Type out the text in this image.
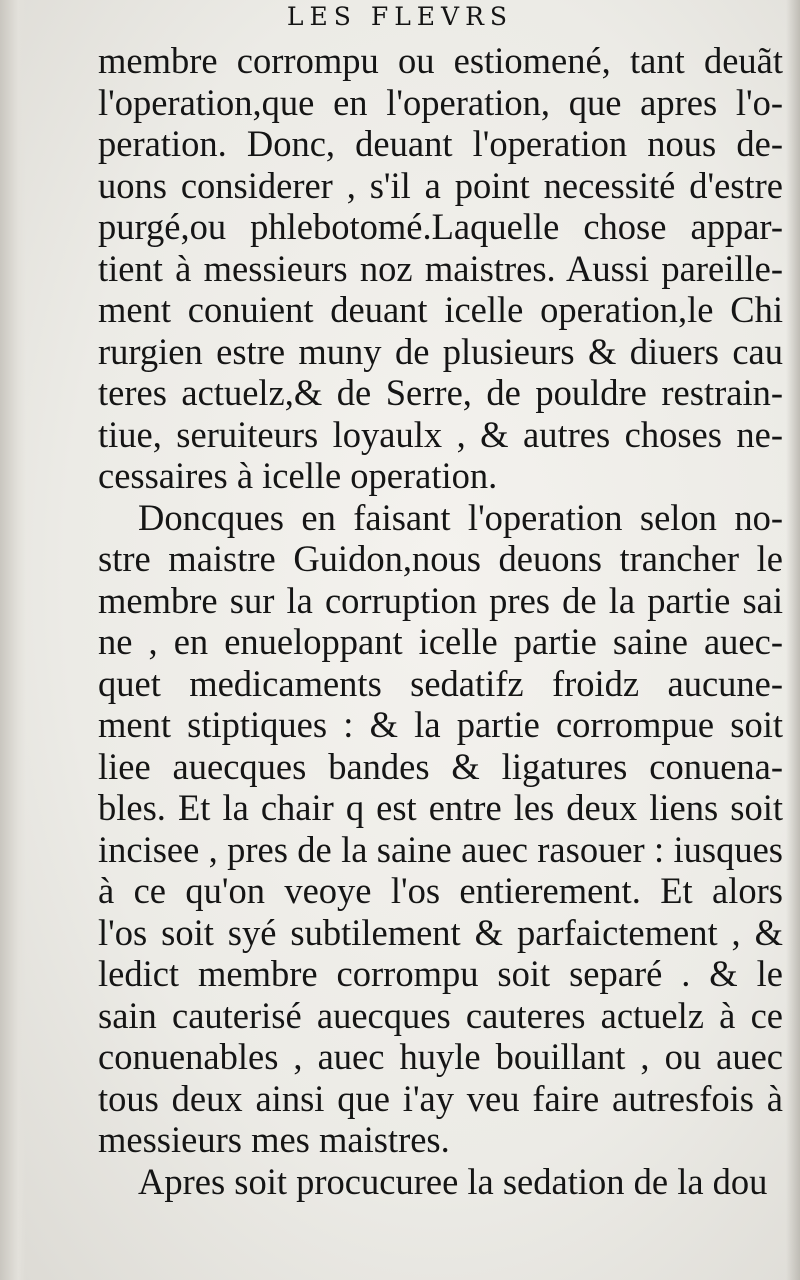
LES FLEVRS
membre corrompu ou estiomené, tant deuãt
l'operation,que en l'operation, que apres l'o-
peration. Donc, deuant l'operation nous de-
uons considerer , s'il a point necessité d'estre
purgé,ou phlebotomé.Laquelle chose appar-
tient à messieurs noz maistres. Aussi pareille-
ment conuient deuant icelle operation,le Chi
rurgien estre muny de plusieurs & diuers cau
teres actuelz,& de Serre, de pouldre restrain-
tiue, seruiteurs loyaulx , & autres choses ne-
cessaires à icelle operation.
Doncques en faisant l'operation selon no-
stre maistre Guidon,nous deuons trancher le
membre sur la corruption pres de la partie sai
ne , en enueloppant icelle partie saine auec-
quet medicaments sedatifz froidz aucune-
ment stiptiques : & la partie corrompue soit
liee auecques bandes & ligatures conuena-
bles. Et la chair q est entre les deux liens soit
incisee , pres de la saine auec rasouer : iusques
à ce qu'on veoye l'os entierement. Et alors
l'os soit syé subtilement & parfaictement , &
ledict membre corrompu soit separé . & le
sain cauterisé auecques cauteres actuelz à ce
conuenables , auec huyle bouillant , ou auec
tous deux ainsi que i'ay veu faire autresfois à
messieurs mes maistres.
Apres soit procucuree la sedation de la dou
